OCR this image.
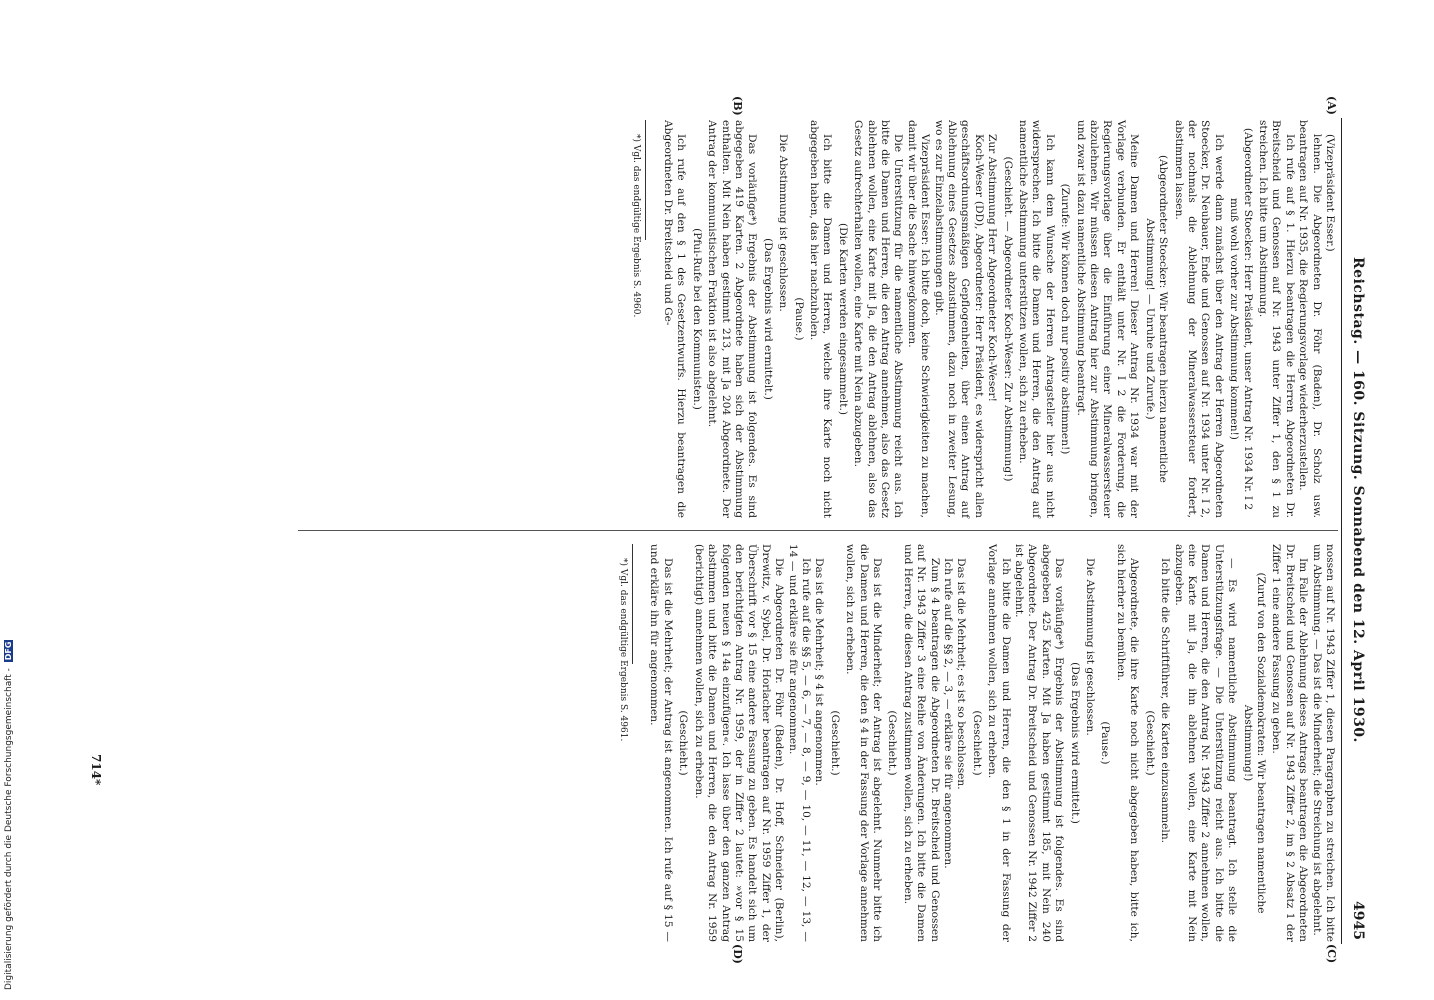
Reichstag. — 160. Sitzung. Sonnabend den 12. April 1930.
4945
(A)
(B)
(C)
(D)

(Vizepräsident Esser.)

lehnen. Die Abgeordneten Dr. Föhr (Baden), Dr. Scholz usw. beantragen auf Nr. 1935, die Regierungsvorlage wiederherzustellen.

Ich rufe auf § 1. Hierzu beantragen die Herren Abgeordneten Dr. Breitscheid und Genossen auf Nr. 1943 unter Ziffer 1, den § 1 zu streichen. Ich bitte um Abstimmung.

(Abgeordneter Stoecker: Herr Präsident, unser Antrag Nr. 1934 Nr. I 2 muß wohl vorher zur Abstimmung kommen!)

Ich werde dann zunächst über den Antrag der Herren Abgeordneten Stoecker, Dr. Neubauer, Ende und Genossen auf Nr. 1934 unter Nr. I 2, der nochmals die Ablehnung der Mineralwassersteuer fordert, abstimmen lassen.

(Abgeordneter Stoecker: Wir beantragen hierzu namentliche Abstimmung! — Unruhe und Zurufe.)

Meine Damen und Herren! Dieser Antrag Nr. 1934 war mit der Vorlage verbunden. Er enthält unter Nr. I 2 die Forderung, die Regierungsvorlage über die Einführung einer Mineralwassersteuer abzulehnen. Wir müssen diesen Antrag hier zur Abstimmung bringen, und zwar ist dazu namentliche Abstimmung beantragt.

(Zurufe: Wir können doch nur positiv abstimmen!)

Ich kann dem Wunsche der Herren Antragsteller hier aus nicht widersprechen. Ich bitte die Damen und Herren, die den Antrag auf namentliche Abstimmung unterstützen wollen, sich zu erheben.

(Geschieht. — Abgeordneter Koch-Weser: Zur Abstimmung!)

Zur Abstimmung Herr Abgeordneter Koch-Weser!

Koch-Weser (DD), Abgeordneter: Herr Präsident, es widerspricht allen geschäftsordnungsmäßigen Gepflogenheiten, über einen Antrag auf Ablehnung eines Gesetzes abzustimmen, dazu noch in zweiter Lesung, wo es zur Einzelabstimmungen gibt.

Vizepräsident Esser: Ich bitte doch, keine Schwierigkeiten zu machen, damit wir über die Sache hinwegkommen.

Die Unterstützung für die namentliche Abstimmung reicht aus. Ich bitte die Damen und Herren, die den Antrag annehmen, also das Gesetz ablehnen wollen, eine Karte mit Ja, die den Antrag ablehnen, also das Gesetz aufrechterhalten wollen, eine Karte mit Nein abzugeben.

(Die Karten werden eingesammelt.)

Ich bitte die Damen und Herren, welche ihre Karte noch nicht abgegeben haben, das hier nachzuholen.

(Pause.)

Die Abstimmung ist geschlossen.

(Das Ergebnis wird ermittelt.)

Das vorläufige*) Ergebnis der Abstimmung ist folgendes. Es sind abgegeben 419 Karten. 2 Abgeordnete haben sich der Abstimmung enthalten. Mit Nein haben gestimmt 213, mit Ja 204 Abgeordnete. Der Antrag der kommunistischen Fraktion ist also abgelehnt.

(Pfui-Rufe bei den Kommunisten.)

Ich rufe auf den § 1 des Gesetzentwurfs. Hierzu beantragen die Abgeordneten Dr. Breitscheid und Ge-

*) Vgl. das endgültige Ergebnis S. 4960.

nossen auf Nr. 1943 Ziffer 1, diesen Paragraphen zu streichen. Ich bitte um Abstimmung. — Das ist die Minderheit; die Streichung ist abgelehnt.

Im Falle der Ablehnung dieses Antrags beantragen die Abgeordneten Dr. Breitscheid und Genossen auf Nr. 1943 Ziffer 2, im § 2 Absatz 1 der Ziffer 1 eine andere Fassung zu geben.

(Zuruf von den Sozialdemokraten: Wir beantragen namentliche Abstimmung!)

— Es wird namentliche Abstimmung beantragt. Ich stelle die Unterstützungsfrage. — Die Unterstützung reicht aus. Ich bitte die Damen und Herren, die den Antrag Nr. 1943 Ziffer 2 annehmen wollen, eine Karte mit Ja, die ihn ablehnen wollen, eine Karte mit Nein abzugeben.

Ich bitte die Schriftführer, die Karten einzusammeln.

(Geschieht.)

Abgeordnete, die ihre Karte noch nicht abgegeben haben, bitte ich, sich hierher zu bemühen.

(Pause.)

Die Abstimmung ist geschlossen.

(Das Ergebnis wird ermittelt.)

Das vorläufige*) Ergebnis der Abstimmung ist folgendes. Es sind abgegeben 425 Karten. Mit Ja haben gestimmt 185, mit Nein 240 Abgeordnete. Der Antrag Dr. Breitscheid und Genossen Nr. 1942 Ziffer 2 ist abgelehnt.

Ich bitte die Damen und Herren, die den § 1 in der Fassung der Vorlage annehmen wollen, sich zu erheben.

(Geschieht.)

Das ist die Mehrheit; es ist so beschlossen.

Ich rufe auf die §§ 2, — 3, — erkläre sie für angenommen.

Zum § 4 beantragen die Abgeordneten Dr. Breitscheid und Genossen auf Nr. 1943 Ziffer 3 eine Reihe von Änderungen. Ich bitte die Damen und Herren, die diesen Antrag zustimmen wollen, sich zu erheben.

(Geschieht.)

Das ist die Minderheit; der Antrag ist abgelehnt. Nunmehr bitte ich die Damen und Herren, die den § 4 in der Fassung der Vorlage annehmen wollen, sich zu erheben.

(Geschieht.)

Das ist die Mehrheit; § 4 ist angenommen.

Ich rufe auf die §§ 5, — 6, — 7, — 8, — 9, — 10, — 11, — 12, — 13, — 14 — und erkläre sie für angenommen.

Die Abgeordneten Dr. Föhr (Baden), Dr. Hoff, Schneider (Berlin), Drewitz, v. Sybel, Dr. Horlacher beantragen auf Nr. 1959 Ziffer 1, der Überschrift vor § 15 eine andere Fassung zu geben. Es handelt sich um den berichtigten Antrag Nr. 1959, der in Ziffer 2 lautet: »vor § 15 folgenden neuen § 14a einzufügen«. Ich lasse über den ganzen Antrag abstimmen und bitte die Damen und Herren, die den Antrag Nr. 1959 (berichtigt) annehmen wollen, sich zu erheben.

(Geschieht.)

Das ist die Mehrheit; der Antrag ist angenommen. Ich rufe auf § 15 — und erkläre ihn für angenommen.

*) Vgl. das endgültige Ergebnis S. 4961.

714*
Digitalisierung gefördert durch die Deutsche Forschungsgemeinschaft - DFG
